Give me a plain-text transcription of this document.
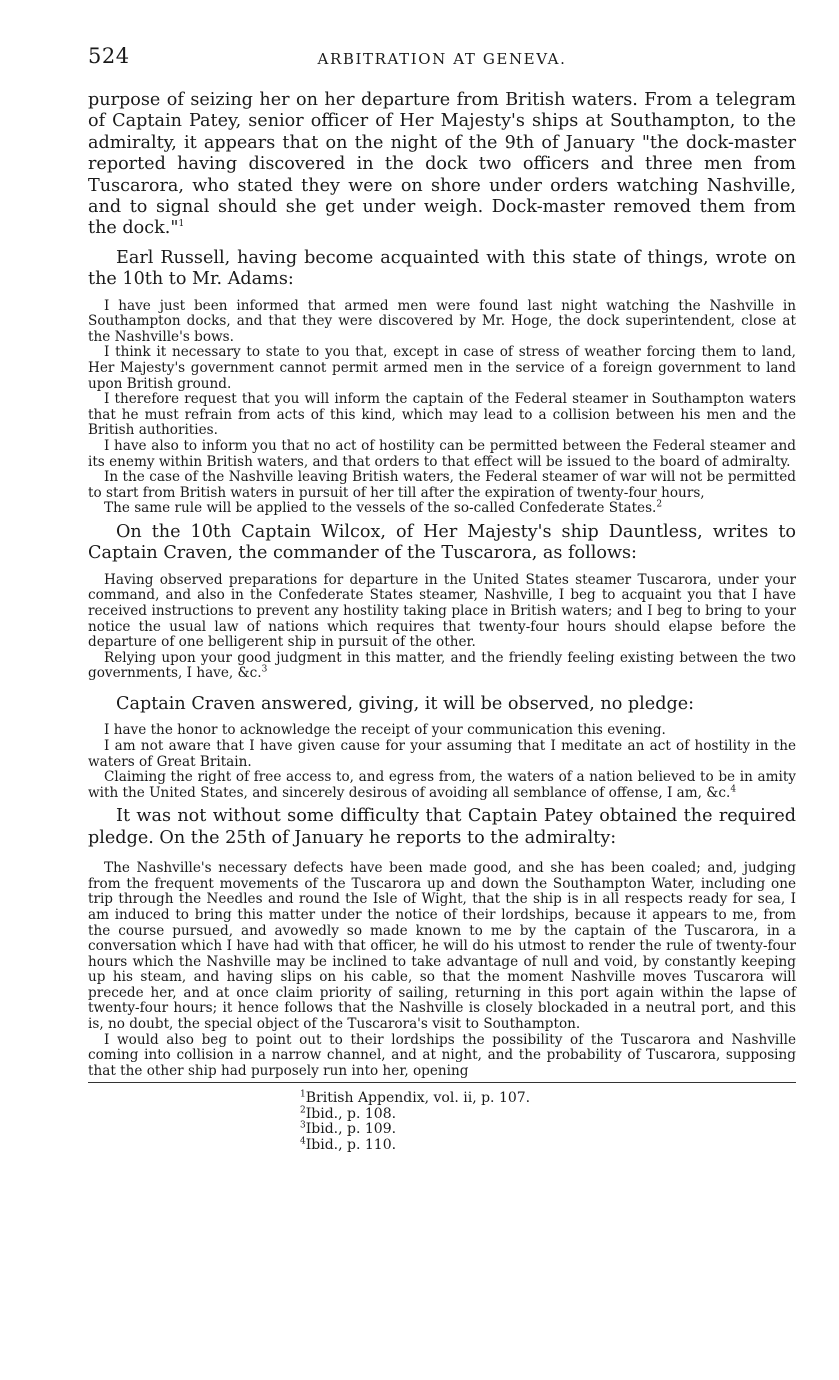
524	ARBITRATION AT GENEVA.

purpose of seizing her on her departure from British waters. From a telegram of Captain Patey, senior officer of Her Majesty's ships at Southampton, to the admiralty, it appears that on the night of the 9th of January "the dock-master reported having discovered in the dock two officers and three men from Tuscarora, who stated they were on shore under orders watching Nashville, and to signal should she get under weigh. Dock-master removed them from the dock."$^1$

Earl Russell, having become acquainted with this state of things, wrote on the 10th to Mr. Adams:

I have just been informed that armed men were found last night watching the Nashville in Southampton docks, and that they were discovered by Mr. Hoge, the dock superintendent, close at the Nashville's bows.

I think it necessary to state to you that, except in case of stress of weather forcing them to land, Her Majesty's government cannot permit armed men in the service of a foreign government to land upon British ground.

I therefore request that you will inform the captain of the Federal steamer in Southampton waters that he must refrain from acts of this kind, which may lead to a collision between his men and the British authorities.

I have also to inform you that no act of hostility can be permitted between the Federal steamer and its enemy within British waters, and that orders to that effect will be issued to the board of admiralty.

In the case of the Nashville leaving British waters, the Federal steamer of war will not be permitted to start from British waters in pursuit of her till after the expiration of twenty-four hours,

The same rule will be applied to the vessels of the so-called Confederate States.$^2$

On the 10th Captain Wilcox, of Her Majesty's ship Dauntless, writes to Captain Craven, the commander of the Tuscarora, as follows:

Having observed preparations for departure in the United States steamer Tuscarora, under your command, and also in the Confederate States steamer, Nashville, I beg to acquaint you that I have received instructions to prevent any hostility taking place in British waters; and I beg to bring to your notice the usual law of nations which requires that twenty-four hours should elapse before the departure of one belligerent ship in pursuit of the other.

Relying upon your good judgment in this matter, and the friendly feeling existing between the two governments, I have, &c.$^3$

Captain Craven answered, giving, it will be observed, no pledge:

I have the honor to acknowledge the receipt of your communication this evening.

I am not aware that I have given cause for your assuming that I meditate an act of hostility in the waters of Great Britain.

Claiming the right of free access to, and egress from, the waters of a nation believed to be in amity with the United States, and sincerely desirous of avoiding all semblance of offense, I am, &c.$^4$

It was not without some difficulty that Captain Patey obtained the required pledge. On the 25th of January he reports to the admiralty:

The Nashville's necessary defects have been made good, and she has been coaled; and, judging from the frequent movements of the Tuscarora up and down the Southampton Water, including one trip through the Needles and round the Isle of Wight, that the ship is in all respects ready for sea, I am induced to bring this matter under the notice of their lordships, because it appears to me, from the course pursued, and avowedly so made known to me by the captain of the Tuscarora, in a conversation which I have had with that officer, he will do his utmost to render the rule of twenty-four hours which the Nashville may be inclined to take advantage of null and void, by constantly keeping up his steam, and having slips on his cable, so that the moment Nashville moves Tuscarora will precede her, and at once claim priority of sailing, returning in this port again within the lapse of twenty-four hours; it hence follows that the Nashville is closely blockaded in a neutral port, and this is, no doubt, the special object of the Tuscarora's visit to Southampton.

I would also beg to point out to their lordships the possibility of the Tuscarora and Nashville coming into collision in a narrow channel, and at night, and the probability of Tuscarora, supposing that the other ship had purposely run into her, opening

$^1$British Appendix, vol. ii, p. 107.
$^2$Ibid., p. 108.
$^3$Ibid., p. 109.
$^4$Ibid., p. 110.
